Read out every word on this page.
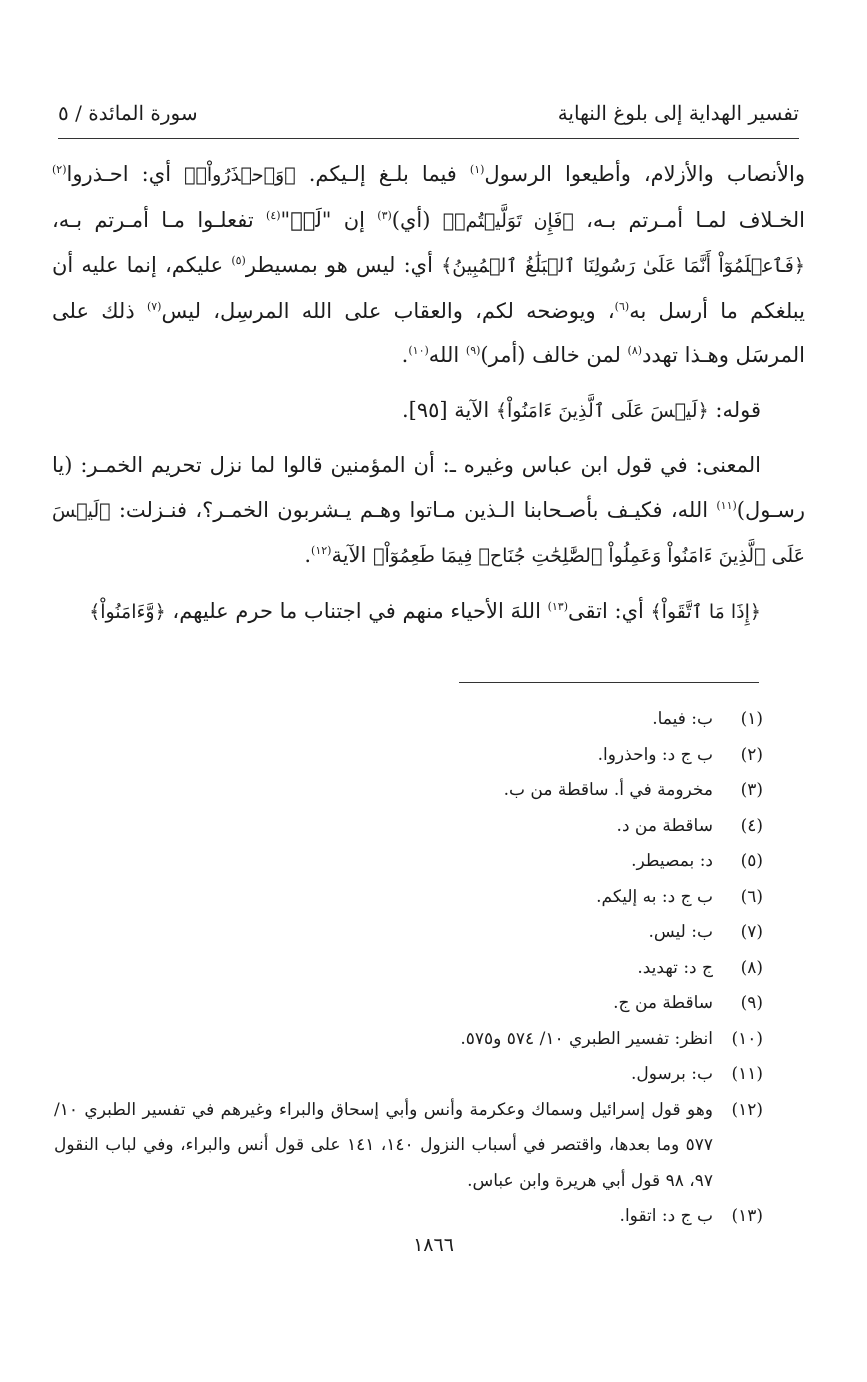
تفسير الهداية إلى بلوغ النهاية
سورة المائدة / ٥

والأنصاب والأزلام، وأطيعوا الرسول$^{(١)}$ فيما بلـغ إلـيكم. ﴿وَٱحۡذَرُواْۚ﴾ أي: احـذروا$^{(٢)}$ الخـلاف لمـا أمـرتم بـه، ﴿فَإِن تَوَلَّيۡتُمۡ﴾ (أي)$^{(٣)}$ إن "لَمۡ"$^{(٤)}$ تفعلـوا مـا أمـرتم بـه، ﴿فَٱعۡلَمُوٓاْ أَنَّمَا عَلَىٰ رَسُولِنَا ٱلۡبَلَٰغُ ٱلۡمُبِينُ﴾ أي: ليس هو بمسيطر$^{(٥)}$ عليكم، إنما عليه أن يبلغكم ما أرسل به$^{(٦)}$، ويوضحه لكم، والعقاب على الله المرسِل، ليس$^{(٧)}$ ذلك على المرسَل وهـذا تهدد$^{(٨)}$ لمن خالف (أمر)$^{(٩)}$ الله$^{(١٠)}$.

قوله: ﴿لَيۡسَ عَلَى ٱلَّذِينَ ءَامَنُواْ﴾ الآية [٩٥].

المعنى: في قول ابن عباس وغيره ـ: أن المؤمنين قالوا لما نزل تحريم الخمـر: (يا رسـول)$^{(١١)}$ الله، فكيـف بأصـحابنا الـذين مـاتوا وهـم يـشربون الخمـر؟، فنـزلت: ﴿لَيۡسَ عَلَى ٱلَّذِينَ ءَامَنُواْ وَعَمِلُواْ ٱلصَّٰلِحَٰتِ جُنَاحٞ فِيمَا طَعِمُوٓاْ﴾ الآية$^{(١٢)}$.

﴿إِذَا مَا ٱتَّقَواْ﴾ أي: اتقى$^{(١٣)}$ اللهَ الأحياء منهم في اجتناب ما حرم عليهم، ﴿وَّءَامَنُواْ﴾

(١)
ب: فيما.
(٢)
ب ج د: واحذروا.
(٣)
مخرومة في أ. ساقطة من ب.
(٤)
ساقطة من د.
(٥)
د: بمصيطر.
(٦)
ب ج د: به إليكم.
(٧)
ب: ليس.
(٨)
ج د: تهديد.
(٩)
ساقطة من ج.
(١٠)
انظر: تفسير الطبري ١٠/ ٥٧٤ و٥٧٥.
(١١)
ب: برسول.
(١٢)
وهو قول إسرائيل وسماك وعكرمة وأنس وأبي إسحاق والبراء وغيرهم في تفسير الطبري ١٠/ ٥٧٧ وما بعدها، واقتصر في أسباب النزول ١٤٠، ١٤١ على قول أنس والبراء، وفي لباب النقول ٩٧، ٩٨ قول أبي هريرة وابن عباس.
(١٣)
ب ج د: اتقوا.
١٨٦٦
